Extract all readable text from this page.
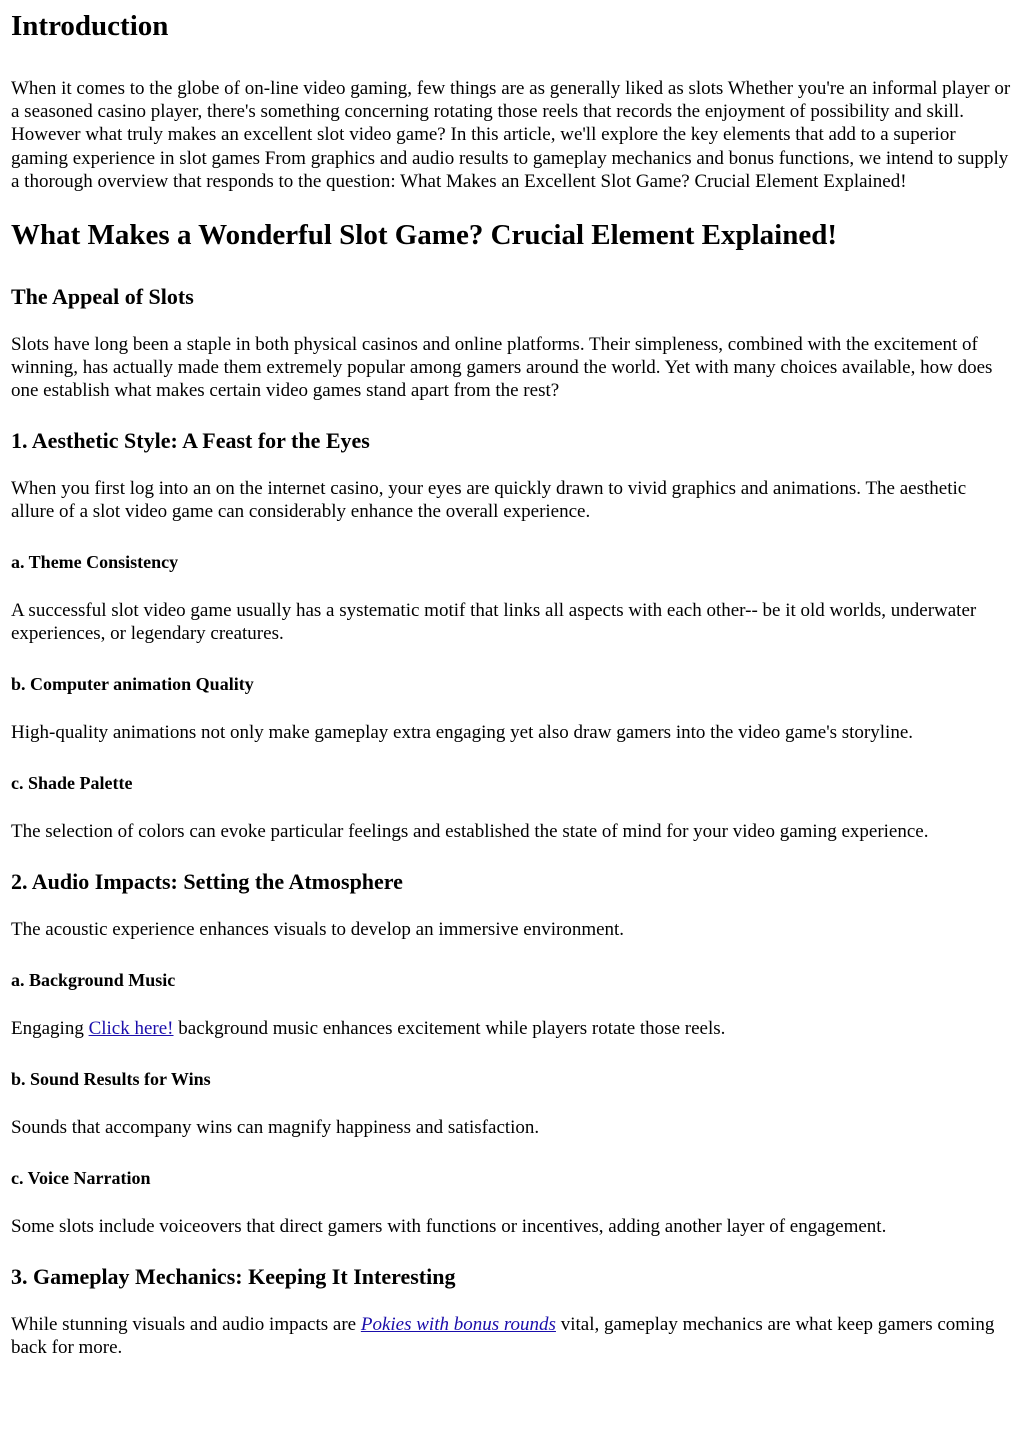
Introduction

When it comes to the globe of on-line video gaming, few things are as generally liked as slots Whether you're an informal player or a seasoned casino player, there's something concerning rotating those reels that records the enjoyment of possibility and skill. However what truly makes an excellent slot video game? In this article, we'll explore the key elements that add to a superior gaming experience in slot games From graphics and audio results to gameplay mechanics and bonus functions, we intend to supply a thorough overview that responds to the question: What Makes an Excellent Slot Game? Crucial Element Explained!

What Makes a Wonderful Slot Game? Crucial Element Explained!
The Appeal of Slots

Slots have long been a staple in both physical casinos and online platforms. Their simpleness, combined with the excitement of winning, has actually made them extremely popular among gamers around the world. Yet with many choices available, how does one establish what makes certain video games stand apart from the rest?

1. Aesthetic Style: A Feast for the Eyes

When you first log into an on the internet casino, your eyes are quickly drawn to vivid graphics and animations. The aesthetic allure of a slot video game can considerably enhance the overall experience.

a. Theme Consistency

A successful slot video game usually has a systematic motif that links all aspects with each other-- be it old worlds, underwater experiences, or legendary creatures.

b. Computer animation Quality

High-quality animations not only make gameplay extra engaging yet also draw gamers into the video game's storyline.

c. Shade Palette

The selection of colors can evoke particular feelings and established the state of mind for your video gaming experience.

2. Audio Impacts: Setting the Atmosphere

The acoustic experience enhances visuals to develop an immersive environment.

a. Background Music

Engaging Click here! background music enhances excitement while players rotate those reels.

b. Sound Results for Wins

Sounds that accompany wins can magnify happiness and satisfaction.

c. Voice Narration

Some slots include voiceovers that direct gamers with functions or incentives, adding another layer of engagement.

3. Gameplay Mechanics: Keeping It Interesting

While stunning visuals and audio impacts are Pokies with bonus rounds vital, gameplay mechanics are what keep gamers coming back for more.
